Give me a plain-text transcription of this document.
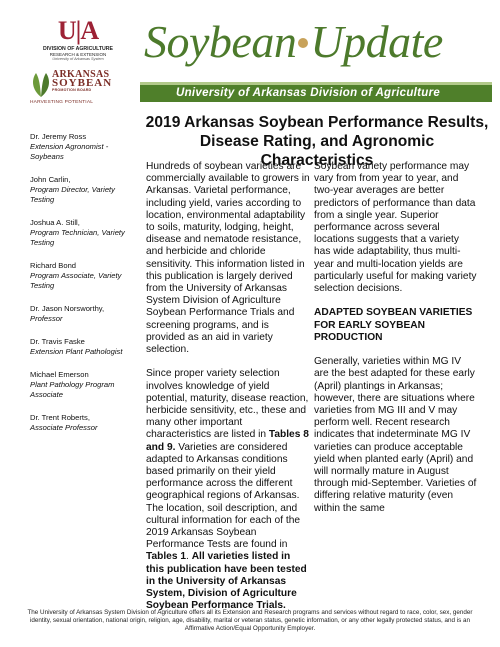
U|A
DIVISION OF AGRICULTURE
RESEARCH & EXTENSION
University of Arkansas System
ARKANSAS
SOYBEAN
PROMOTION BOARD
HARVESTING POTENTIAL
Soybean Update
University of Arkansas Division of Agriculture
Dr. Jeremy Ross
Extension Agronomist - Soybeans
John Carlin,
Program Director, Variety Testing
Joshua A. Still,
Program Technician, Variety Testing
Richard Bond
Program Associate, Variety Testing
Dr. Jason Norsworthy,
Professor
Dr. Travis Faske
Extension Plant Pathologist
Michael Emerson
Plant Pathology Program Associate
Dr. Trent Roberts,
Associate Professor
2019 Arkansas Soybean Performance Results, Disease Rating, and Agronomic Characteristics

Hundreds of soybean varieties are commercially available to growers in Arkansas. Varietal performance, including yield, varies according to location, environmental adaptability to soils, maturity, lodging, height, disease and nematode resistance, and herbicide and chloride sensitivity. This information listed in this publication is largely derived from the University of Arkansas System Division of Agriculture Soybean Performance Trials and screening programs, and is provided as an aid in variety selection.

Since proper variety selection involves knowledge of yield potential, maturity, disease reaction, herbicide sensitivity, etc., these and many other important characteristics are listed in Tables 8 and 9. Varieties are considered adapted to Arkansas conditions based primarily on their yield performance across the different geographical regions of Arkansas. The location, soil description, and cultural information for each of the 2019 Arkansas Soybean Performance Tests are found in Tables 1. All varieties listed in this publication have been tested in the University of Arkansas System, Division of Agriculture Soybean Performance Trials.

Soybean variety performance may vary from from year to year, and two-year averages are better predictors of performance than data from a single year. Superior performance across several locations suggests that a variety has wide adaptability, thus multi-year and multi-location yields are particularly useful for making variety selection decisions.

ADAPTED SOYBEAN VARIETIES FOR EARLY SOYBEAN PRODUCTION

Generally, varieties within MG IV are the best adapted for these early (April) plantings in Arkansas; however, there are situations where varieties from MG III and V may perform well. Recent research indicates that indeterminate MG IV varieties can produce acceptable yield when planted early (April) and will normally mature in August through mid-September. Varieties of differing relative maturity (even within the same

The University of Arkansas System Division of Agriculture offers all its Extension and Research programs and services without regard to race, color, sex, gender identity, sexual orientation, national origin, religion, age, disability, marital or veteran status, genetic information, or any other legally protected status, and is an Affirmative Action/Equal Opportunity Employer.
